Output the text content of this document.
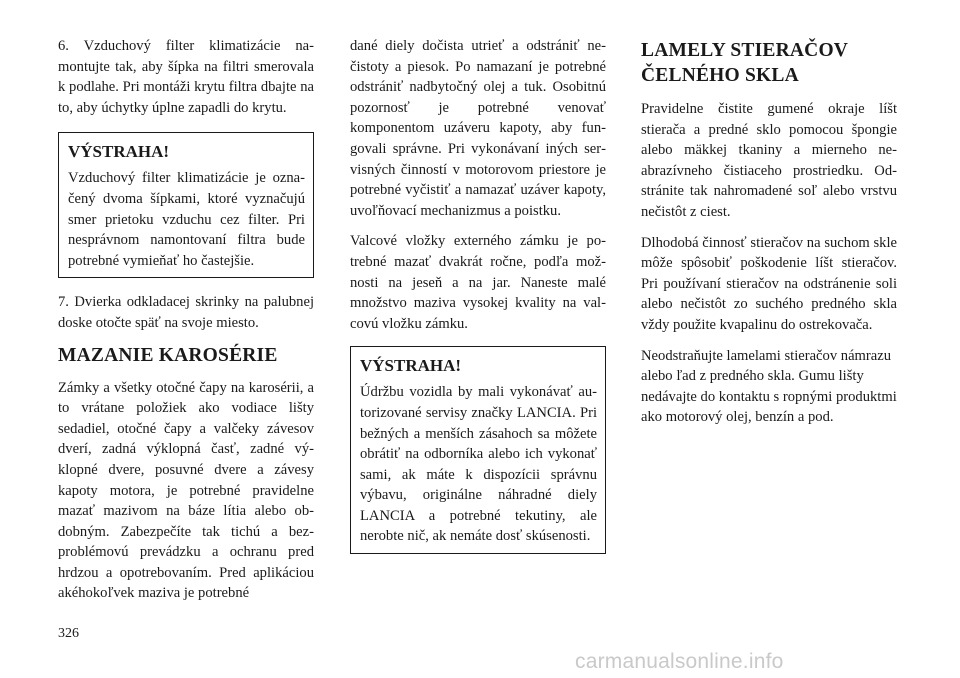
6. Vzduchový filter klimatizácie namontujte tak, aby šípka na filtri smerovala k podlahe. Pri montáži krytu filtra dbajte na to, aby úchytky úplne zapadli do krytu.

VÝSTRAHA!

Vzduchový filter klimatizácie je označený dvoma šípkami, ktoré vyznačujú smer prietoku vzduchu cez filter. Pri nesprávnom namontovaní filtra bude potrebné vymieňať ho častejšie.

7. Dvierka odkladacej skrinky na palubnej doske otočte späť na svoje miesto.

MAZANIE KAROSÉRIE

Zámky a všetky otočné čapy na karosérii, a to vrátane položiek ako vodiace lišty sedadiel, otočné čapy a valčeky závesov dverí, zadná výklopná časť, zadné výklopné dvere, posuvné dvere a závesy kapoty motora, je potrebné pravidelne mazať mazivom na báze lítia alebo obdobným. Zabezpečíte tak tichú a bezproblémovú prevádzku a ochranu pred hrdzou a opotrebovaním. Pred aplikáciou akéhokoľvek maziva je potrebné

dané diely dočista utrieť a odstrániť nečistoty a piesok. Po namazaní je potrebné odstrániť nadbytočný olej a tuk. Osobitnú pozornosť je potrebné venovať komponentom uzáveru kapoty, aby fungovali správne. Pri vykonávaní iných servisných činností v motorovom priestore je potrebné vyčistiť a namazať uzáver kapoty, uvoľňovací mechanizmus a poistku.

Valcové vložky externého zámku je potrebné mazať dvakrát ročne, podľa možnosti na jeseň a na jar. Naneste malé množstvo maziva vysokej kvality na valcovú vložku zámku.

VÝSTRAHA!

Údržbu vozidla by mali vykonávať autorizované servisy značky LANCIA. Pri bežných a menších zásahoch sa môžete obrátiť na odborníka alebo ich vykonať sami, ak máte k dispozícii správnu výbavu, originálne náhradné diely LANCIA a potrebné tekutiny, ale nerobte nič, ak nemáte dosť skúsenosti.

LAMELY STIERAČOV
ČELNÉHO SKLA

Pravidelne čistite gumené okraje líšt stierača a predné sklo pomocou špongie alebo mäkkej tkaniny a mierneho neabrazívneho čistiaceho prostriedku. Odstránite tak nahromadené soľ alebo vrstvu nečistôt z ciest.

Dlhodobá činnosť stieračov na suchom skle môže spôsobiť poškodenie líšt stieračov. Pri používaní stieračov na odstránenie soli alebo nečistôt zo suchého predného skla vždy použite kvapalinu do ostrekovača.

Neodstraňujte lamelami stieračov námrazu alebo ľad z predného skla. Gumu lišty nedávajte do kontaktu s ropnými produktmi ako motorový olej, benzín a pod.

326
carmanualsonline.info
